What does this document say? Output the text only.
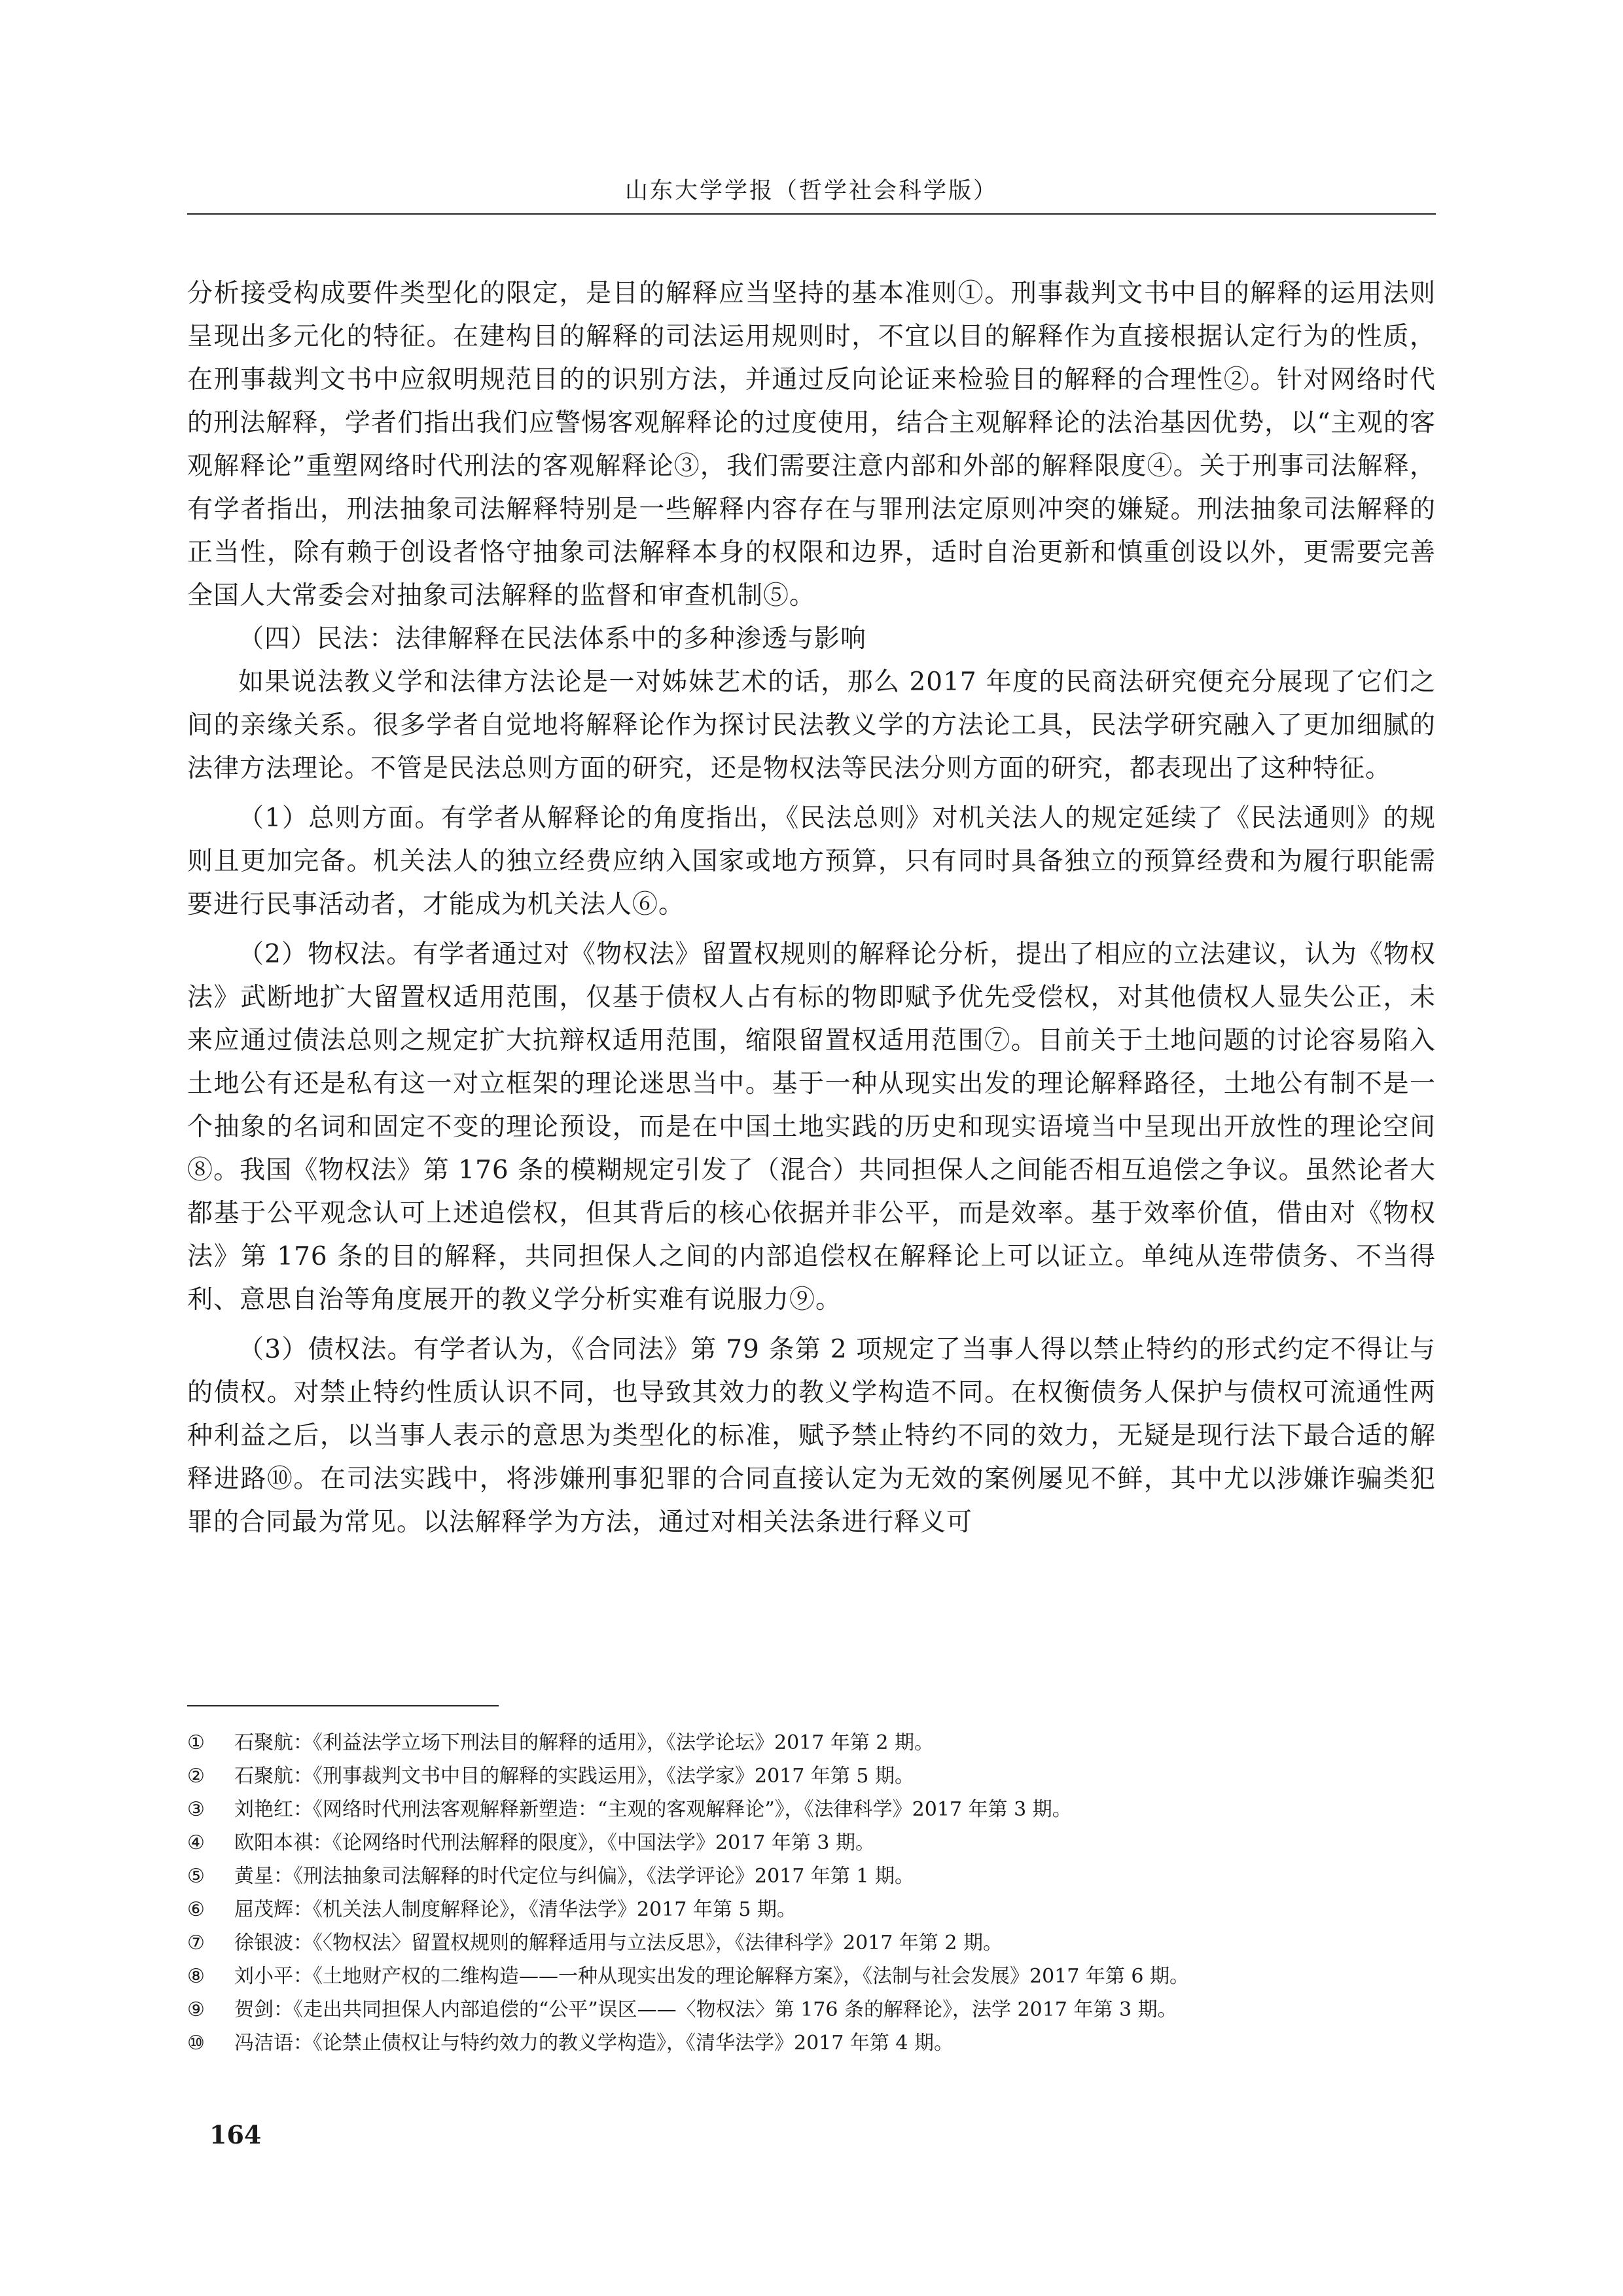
山东大学学报（哲学社会科学版）

分析接受构成要件类型化的限定，是目的解释应当坚持的基本准则①。刑事裁判文书中目的解释的运用法则呈现出多元化的特征。在建构目的解释的司法运用规则时，不宜以目的解释作为直接根据认定行为的性质，在刑事裁判文书中应叙明规范目的的识别方法，并通过反向论证来检验目的解释的合理性②。针对网络时代的刑法解释，学者们指出我们应警惕客观解释论的过度使用，结合主观解释论的法治基因优势，以“主观的客观解释论”重塑网络时代刑法的客观解释论③，我们需要注意内部和外部的解释限度④。关于刑事司法解释，有学者指出，刑法抽象司法解释特别是一些解释内容存在与罪刑法定原则冲突的嫌疑。刑法抽象司法解释的正当性，除有赖于创设者恪守抽象司法解释本身的权限和边界，适时自治更新和慎重创设以外，更需要完善全国人大常委会对抽象司法解释的监督和审查机制⑤。

（四）民法：法律解释在民法体系中的多种渗透与影响

如果说法教义学和法律方法论是一对姊妹艺术的话，那么 2017 年度的民商法研究便充分展现了它们之间的亲缘关系。很多学者自觉地将解释论作为探讨民法教义学的方法论工具，民法学研究融入了更加细腻的法律方法理论。不管是民法总则方面的研究，还是物权法等民法分则方面的研究，都表现出了这种特征。

（1）总则方面。有学者从解释论的角度指出，《民法总则》对机关法人的规定延续了《民法通则》的规则且更加完备。机关法人的独立经费应纳入国家或地方预算，只有同时具备独立的预算经费和为履行职能需要进行民事活动者，才能成为机关法人⑥。

（2）物权法。有学者通过对《物权法》留置权规则的解释论分析，提出了相应的立法建议，认为《物权法》武断地扩大留置权适用范围，仅基于债权人占有标的物即赋予优先受偿权，对其他债权人显失公正，未来应通过债法总则之规定扩大抗辩权适用范围，缩限留置权适用范围⑦。目前关于土地问题的讨论容易陷入土地公有还是私有这一对立框架的理论迷思当中。基于一种从现实出发的理论解释路径，土地公有制不是一个抽象的名词和固定不变的理论预设，而是在中国土地实践的历史和现实语境当中呈现出开放性的理论空间⑧。我国《物权法》第 176 条的模糊规定引发了（混合）共同担保人之间能否相互追偿之争议。虽然论者大都基于公平观念认可上述追偿权，但其背后的核心依据并非公平，而是效率。基于效率价值，借由对《物权法》第 176 条的目的解释，共同担保人之间的内部追偿权在解释论上可以证立。单纯从连带债务、不当得利、意思自治等角度展开的教义学分析实难有说服力⑨。

（3）债权法。有学者认为，《合同法》第 79 条第 2 项规定了当事人得以禁止特约的形式约定不得让与的债权。对禁止特约性质认识不同，也导致其效力的教义学构造不同。在权衡债务人保护与债权可流通性两种利益之后，以当事人表示的意思为类型化的标准，赋予禁止特约不同的效力，无疑是现行法下最合适的解释进路⑩。在司法实践中，将涉嫌刑事犯罪的合同直接认定为无效的案例屡见不鲜，其中尤以涉嫌诈骗类犯罪的合同最为常见。以法解释学为方法，通过对相关法条进行释义可

①	石聚航：《利益法学立场下刑法目的解释的适用》，《法学论坛》2017 年第 2 期。
②	石聚航：《刑事裁判文书中目的解释的实践运用》，《法学家》2017 年第 5 期。
③	刘艳红：《网络时代刑法客观解释新塑造：“主观的客观解释论”》，《法律科学》2017 年第 3 期。
④	欧阳本祺：《论网络时代刑法解释的限度》，《中国法学》2017 年第 3 期。
⑤	黄星：《刑法抽象司法解释的时代定位与纠偏》，《法学评论》2017 年第 1 期。
⑥	屈茂辉：《机关法人制度解释论》，《清华法学》2017 年第 5 期。
⑦	徐银波：《〈物权法〉留置权规则的解释适用与立法反思》，《法律科学》2017 年第 2 期。
⑧	刘小平：《土地财产权的二维构造——一种从现实出发的理论解释方案》，《法制与社会发展》2017 年第 6 期。
⑨	贺剑：《走出共同担保人内部追偿的“公平”误区——〈物权法〉第 176 条的解释论》，法学 2017 年第 3 期。
⑩	冯洁语：《论禁止债权让与特约效力的教义学构造》，《清华法学》2017 年第 4 期。
164
